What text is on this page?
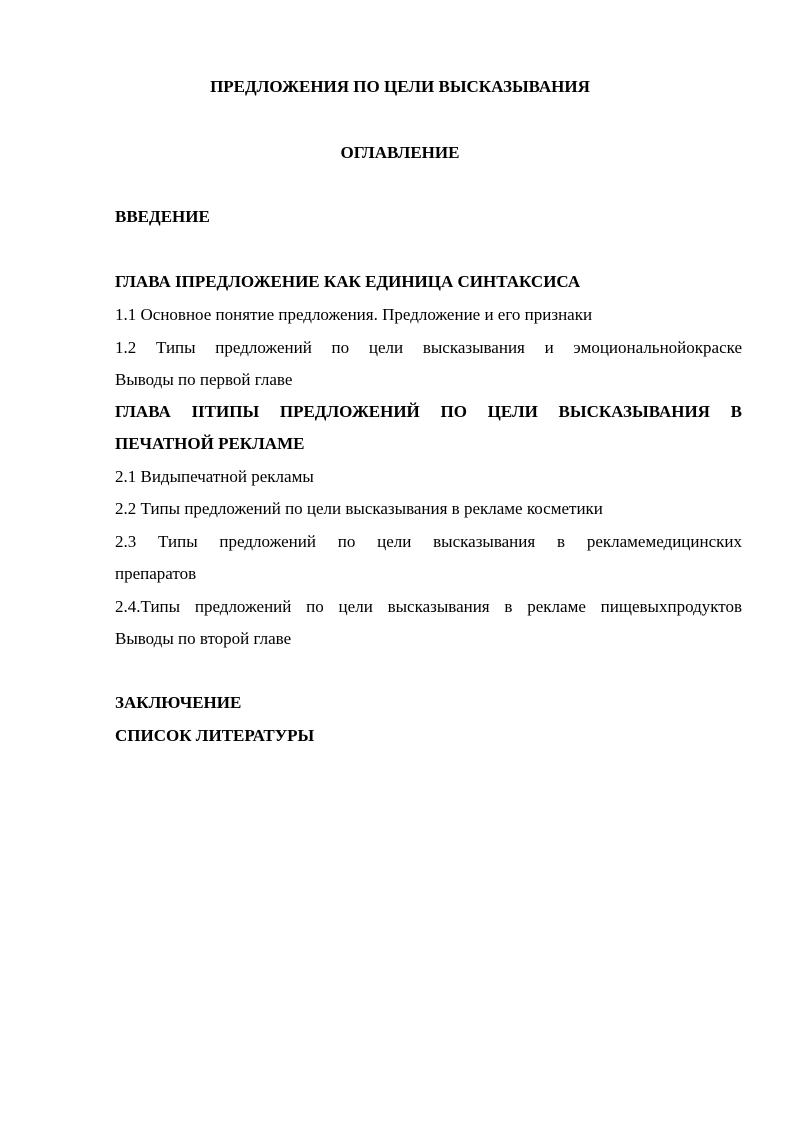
ПРЕДЛОЖЕНИЯ ПО ЦЕЛИ ВЫСКАЗЫВАНИЯ
ОГЛАВЛЕНИЕ
ВВЕДЕНИЕ
ГЛАВА IПРЕДЛОЖЕНИЕ КАК ЕДИНИЦА СИНТАКСИСА
1.1 Основное понятие предложения. Предложение и его признаки
1.2 Типы предложений по цели высказывания и эмоциональнойокраске
Выводы по первой главе
ГЛАВА IIТИПЫ ПРЕДЛОЖЕНИЙ ПО ЦЕЛИ ВЫСКАЗЫВАНИЯ В
ПЕЧАТНОЙ РЕКЛАМЕ
2.1 Видыпечатной рекламы
2.2 Типы предложений по цели высказывания в рекламе косметики
2.3 Типы предложений по цели высказывания в рекламемедицинских
препаратов
2.4.Типы предложений по цели высказывания в рекламе пищевыхпродуктов
Выводы по второй главе
ЗАКЛЮЧЕНИЕ
СПИСОК ЛИТЕРАТУРЫ
